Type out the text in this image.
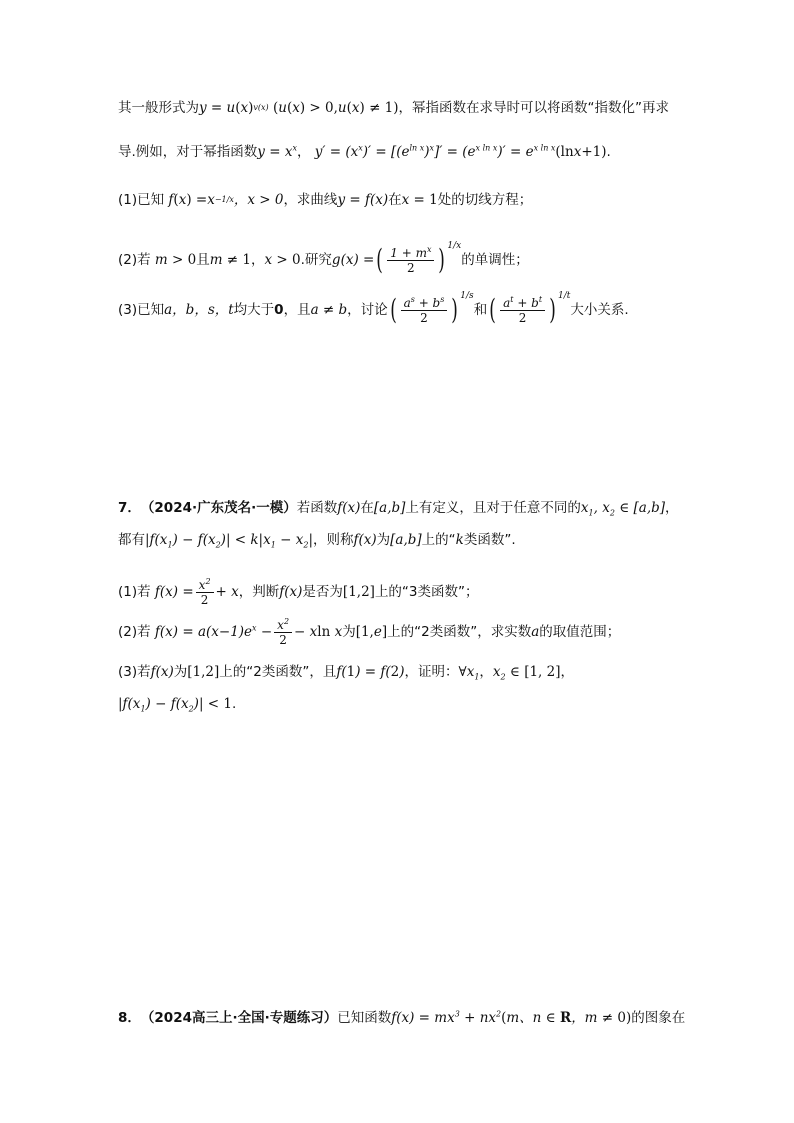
其一般形式为 y = u ( x ) v(x) ( u ( x ) > 0, u ( x ) ≠ 1) ，幂指函数在求导时可以将函数“指数化”再求
导.例如，对于幂指函数 $y = x^x$ ， $y' = (x^x)' = [(e^{ln x})^x]' = (e^{x ln x})' = e^{x ln x}(\ln x+1)$ .
(1)已知 f ( x ) = x −1/x ，x > 0 ，求曲线 y = f(x) 在 x = 1 处的切线方程；
(2)若 m > 0 且 m ≠ 1 ， x > 0 .研究 g(x) = ( $\frac{1 + m^x}{2}$ ) 1/x
的单调性；
(3)已知 a，b，s，t 均大于 0 ，且 a ≠ b ，讨论 ( $\frac{a^s + b^s}{2}$ ) 1/s
和 ( $\frac{a^t + b^t}{2}$ ) 1/t
大小关系.
7． （2024·广东茂名·一模） 若函数 f(x) 在 [a,b] 上有定义，且对于任意不同的 $x_1$, $x_2$ ∈ [a,b] ，
都有 $|f(x_1) - f(x_2)| < k|x_1 - x_2|$ ，则称 f(x) 为 [a,b] 上的“ k 类函数”.
(1)若 $f(x) = \frac{x^2}{2} + x$ ，判断 f(x) 是否为 [1,2] 上的“3类函数”；
(2)若 $f(x) = a(x-1)e^x - \frac{x^2}{2} - xln$ x 为 [1, e ] 上的“2类函数”，求实数 a 的取值范围；
(3)若 f(x) 为 [1,2] 上的“2类函数”，且 f(1) = f(2) ，证明： $\forall x_1$ ， $x_2$ ∈ [1, 2] ，
$|f(x_1) - f(x_2)| < 1$ .
8． （2024高三上·全国·专题练习） 已知函数 $f(x) = mx^3 + nx^2(m$、n ∈ R，m ≠ 0) 的图象在
